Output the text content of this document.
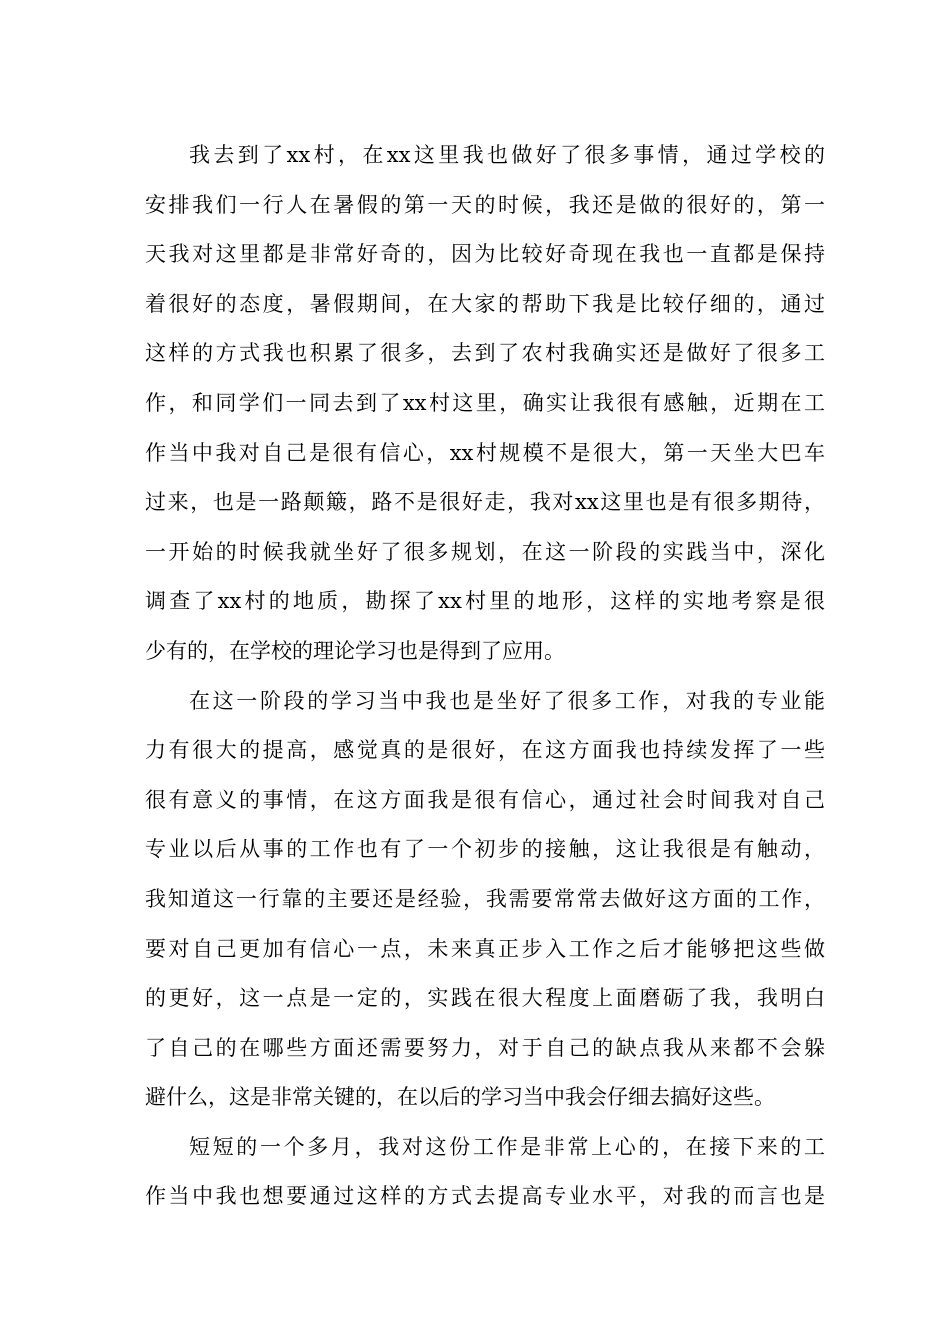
我去到了xx村，在xx这里我也做好了很多事情，通过学校的
安排我们一行人在暑假的第一天的时候，我还是做的很好的，第一
天我对这里都是非常好奇的，因为比较好奇现在我也一直都是保持
着很好的态度，暑假期间，在大家的帮助下我是比较仔细的，通过
这样的方式我也积累了很多，去到了农村我确实还是做好了很多工
作，和同学们一同去到了xx村这里，确实让我很有感触，近期在工
作当中我对自己是很有信心，xx村规模不是很大，第一天坐大巴车
过来，也是一路颠簸，路不是很好走，我对xx这里也是有很多期待，
一开始的时候我就坐好了很多规划，在这一阶段的实践当中，深化
调查了xx村的地质，勘探了xx村里的地形，这样的实地考察是很
少有的，在学校的理论学习也是得到了应用。
在这一阶段的学习当中我也是坐好了很多工作，对我的专业能
力有很大的提高，感觉真的是很好，在这方面我也持续发挥了一些
很有意义的事情，在这方面我是很有信心，通过社会时间我对自己
专业以后从事的工作也有了一个初步的接触，这让我很是有触动，
我知道这一行靠的主要还是经验，我需要常常去做好这方面的工作，
要对自己更加有信心一点，未来真正步入工作之后才能够把这些做
的更好，这一点是一定的，实践在很大程度上面磨砺了我，我明白
了自己的在哪些方面还需要努力，对于自己的缺点我从来都不会躲
避什么，这是非常关键的，在以后的学习当中我会仔细去搞好这些。
短短的一个多月，我对这份工作是非常上心的，在接下来的工
作当中我也想要通过这样的方式去提高专业水平，对我的而言也是
